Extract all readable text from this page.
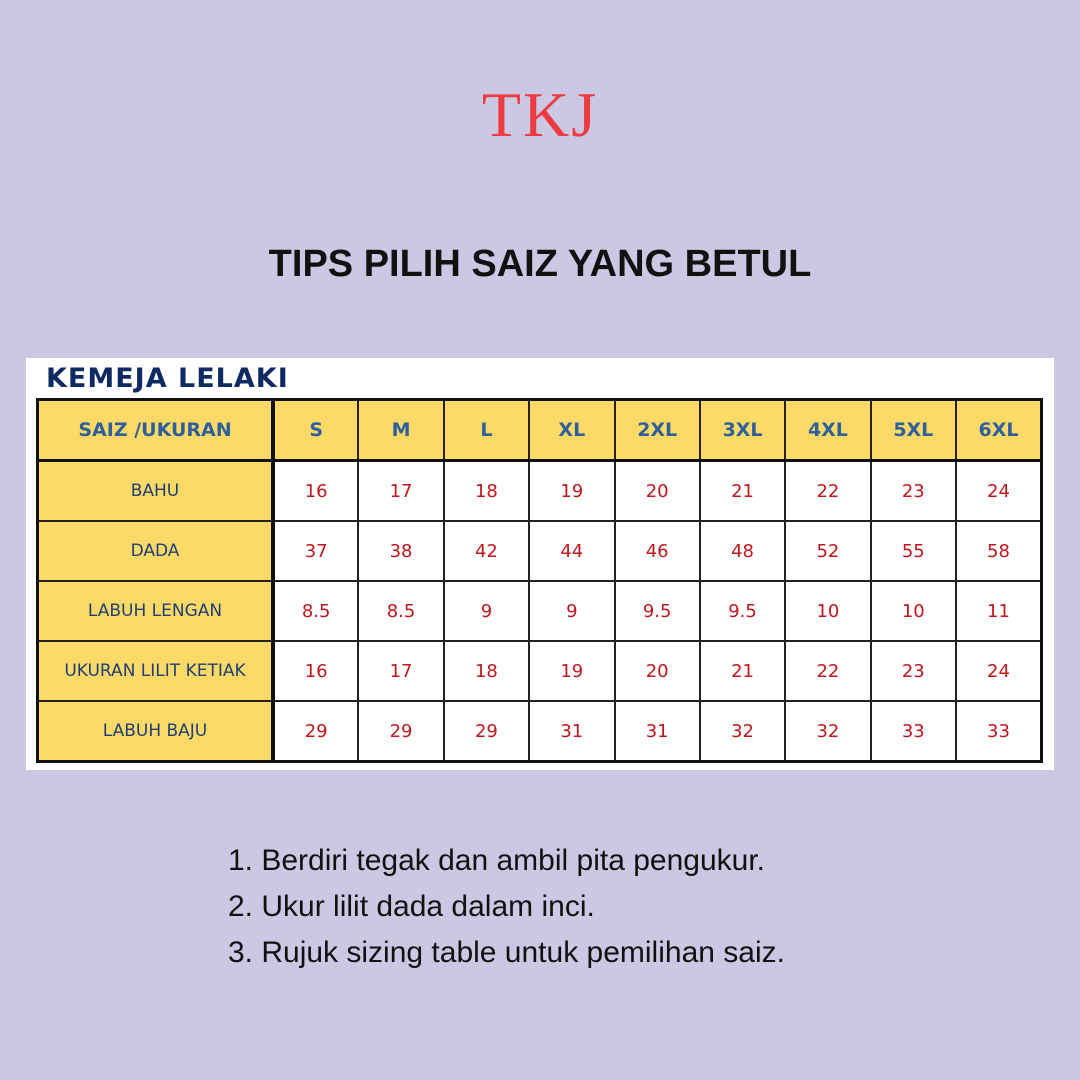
TKJ
TIPS PILIH SAIZ YANG BETUL
KEMEJA LELAKI
SAIZ /UKURAN	S	M	L	XL	2XL	3XL	4XL	5XL	6XL
BAHU	16	17	18	19	20	21	22	23	24
DADA	37	38	42	44	46	48	52	55	58
LABUH LENGAN	8.5	8.5	9	9	9.5	9.5	10	10	11
UKURAN LILIT KETIAK	16	17	18	19	20	21	22	23	24
LABUH BAJU	29	29	29	31	31	32	32	33	33
1. Berdiri tegak dan ambil pita pengukur.
2. Ukur lilit dada dalam inci.
3. Rujuk sizing table untuk pemilihan saiz.
